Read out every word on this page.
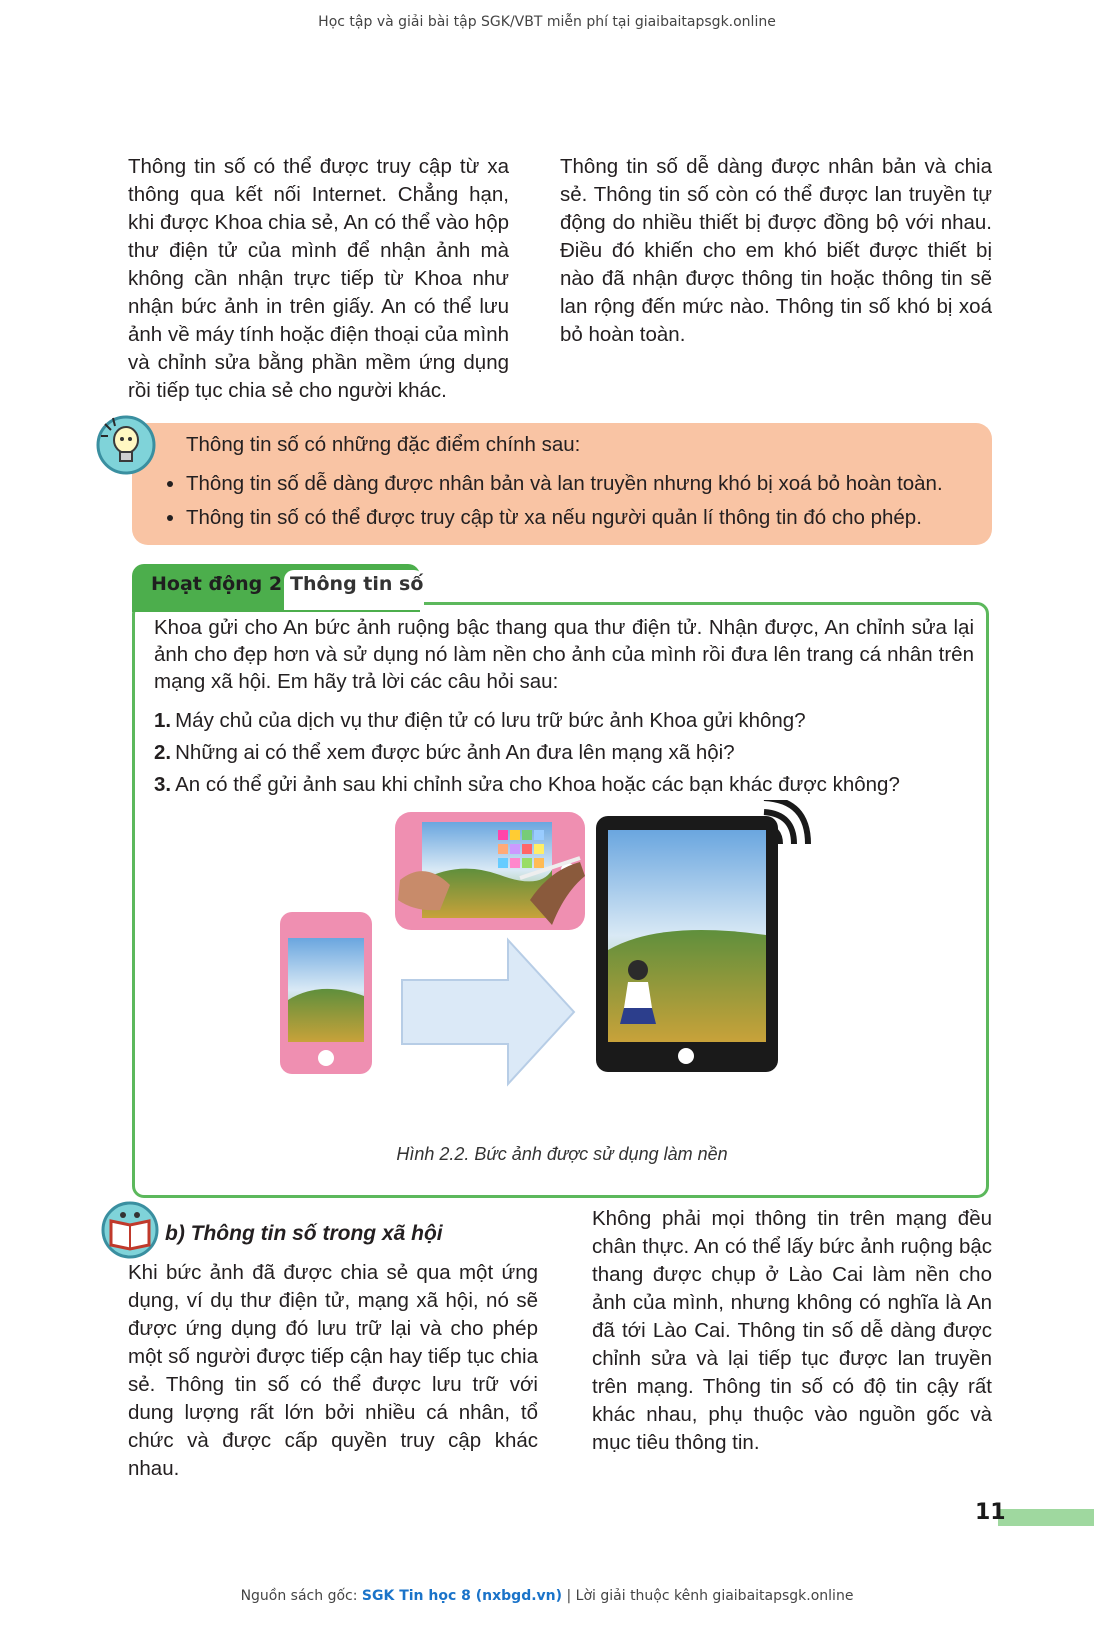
Học tập và giải bài tập SGK/VBT miễn phí tại giaibaitapsgk.online

Thông tin số có thể được truy cập từ xa thông qua kết nối Internet. Chẳng hạn, khi được Khoa chia sẻ, An có thể vào hộp thư điện tử của mình để nhận ảnh mà không cần nhận trực tiếp từ Khoa như nhận bức ảnh in trên giấy. An có thể lưu ảnh về máy tính hoặc điện thoại của mình và chỉnh sửa bằng phần mềm ứng dụng rồi tiếp tục chia sẻ cho người khác.

Thông tin số dễ dàng được nhân bản và chia sẻ. Thông tin số còn có thể được lan truyền tự động do nhiều thiết bị được đồng bộ với nhau. Điều đó khiến cho em khó biết được thiết bị nào đã nhận được thông tin hoặc thông tin sẽ lan rộng đến mức nào. Thông tin số khó bị xoá bỏ hoàn toàn.

Thông tin số có những đặc điểm chính sau:
• Thông tin số dễ dàng được nhân bản và lan truyền nhưng khó bị xoá bỏ hoàn toàn.
• Thông tin số có thể được truy cập từ xa nếu người quản lí thông tin đó cho phép.
Hoạt động 2 Thông tin số

Khoa gửi cho An bức ảnh ruộng bậc thang qua thư điện tử. Nhận được, An chỉnh sửa lại ảnh cho đẹp hơn và sử dụng nó làm nền cho ảnh của mình rồi đưa lên trang cá nhân trên mạng xã hội. Em hãy trả lời các câu hỏi sau:

1. Máy chủ của dịch vụ thư điện tử có lưu trữ bức ảnh Khoa gửi không?
2. Những ai có thể xem được bức ảnh An đưa lên mạng xã hội?
3. An có thể gửi ảnh sau khi chỉnh sửa cho Khoa hoặc các bạn khác được không?
Hình 2.2. Bức ảnh được sử dụng làm nền
b) Thông tin số trong xã hội

Khi bức ảnh đã được chia sẻ qua một ứng dụng, ví dụ thư điện tử, mạng xã hội, nó sẽ được ứng dụng đó lưu trữ lại và cho phép một số người được tiếp cận hay tiếp tục chia sẻ. Thông tin số có thể được lưu trữ với dung lượng rất lớn bởi nhiều cá nhân, tổ chức và được cấp quyền truy cập khác nhau.

Không phải mọi thông tin trên mạng đều chân thực. An có thể lấy bức ảnh ruộng bậc thang được chụp ở Lào Cai làm nền cho ảnh của mình, nhưng không có nghĩa là An đã tới Lào Cai. Thông tin số dễ dàng được chỉnh sửa và lại tiếp tục được lan truyền trên mạng. Thông tin số có độ tin cậy rất khác nhau, phụ thuộc vào nguồn gốc và mục tiêu thông tin.

11
Nguồn sách gốc: SGK Tin học 8 (nxbgd.vn) | Lời giải thuộc kênh giaibaitapsgk.online
